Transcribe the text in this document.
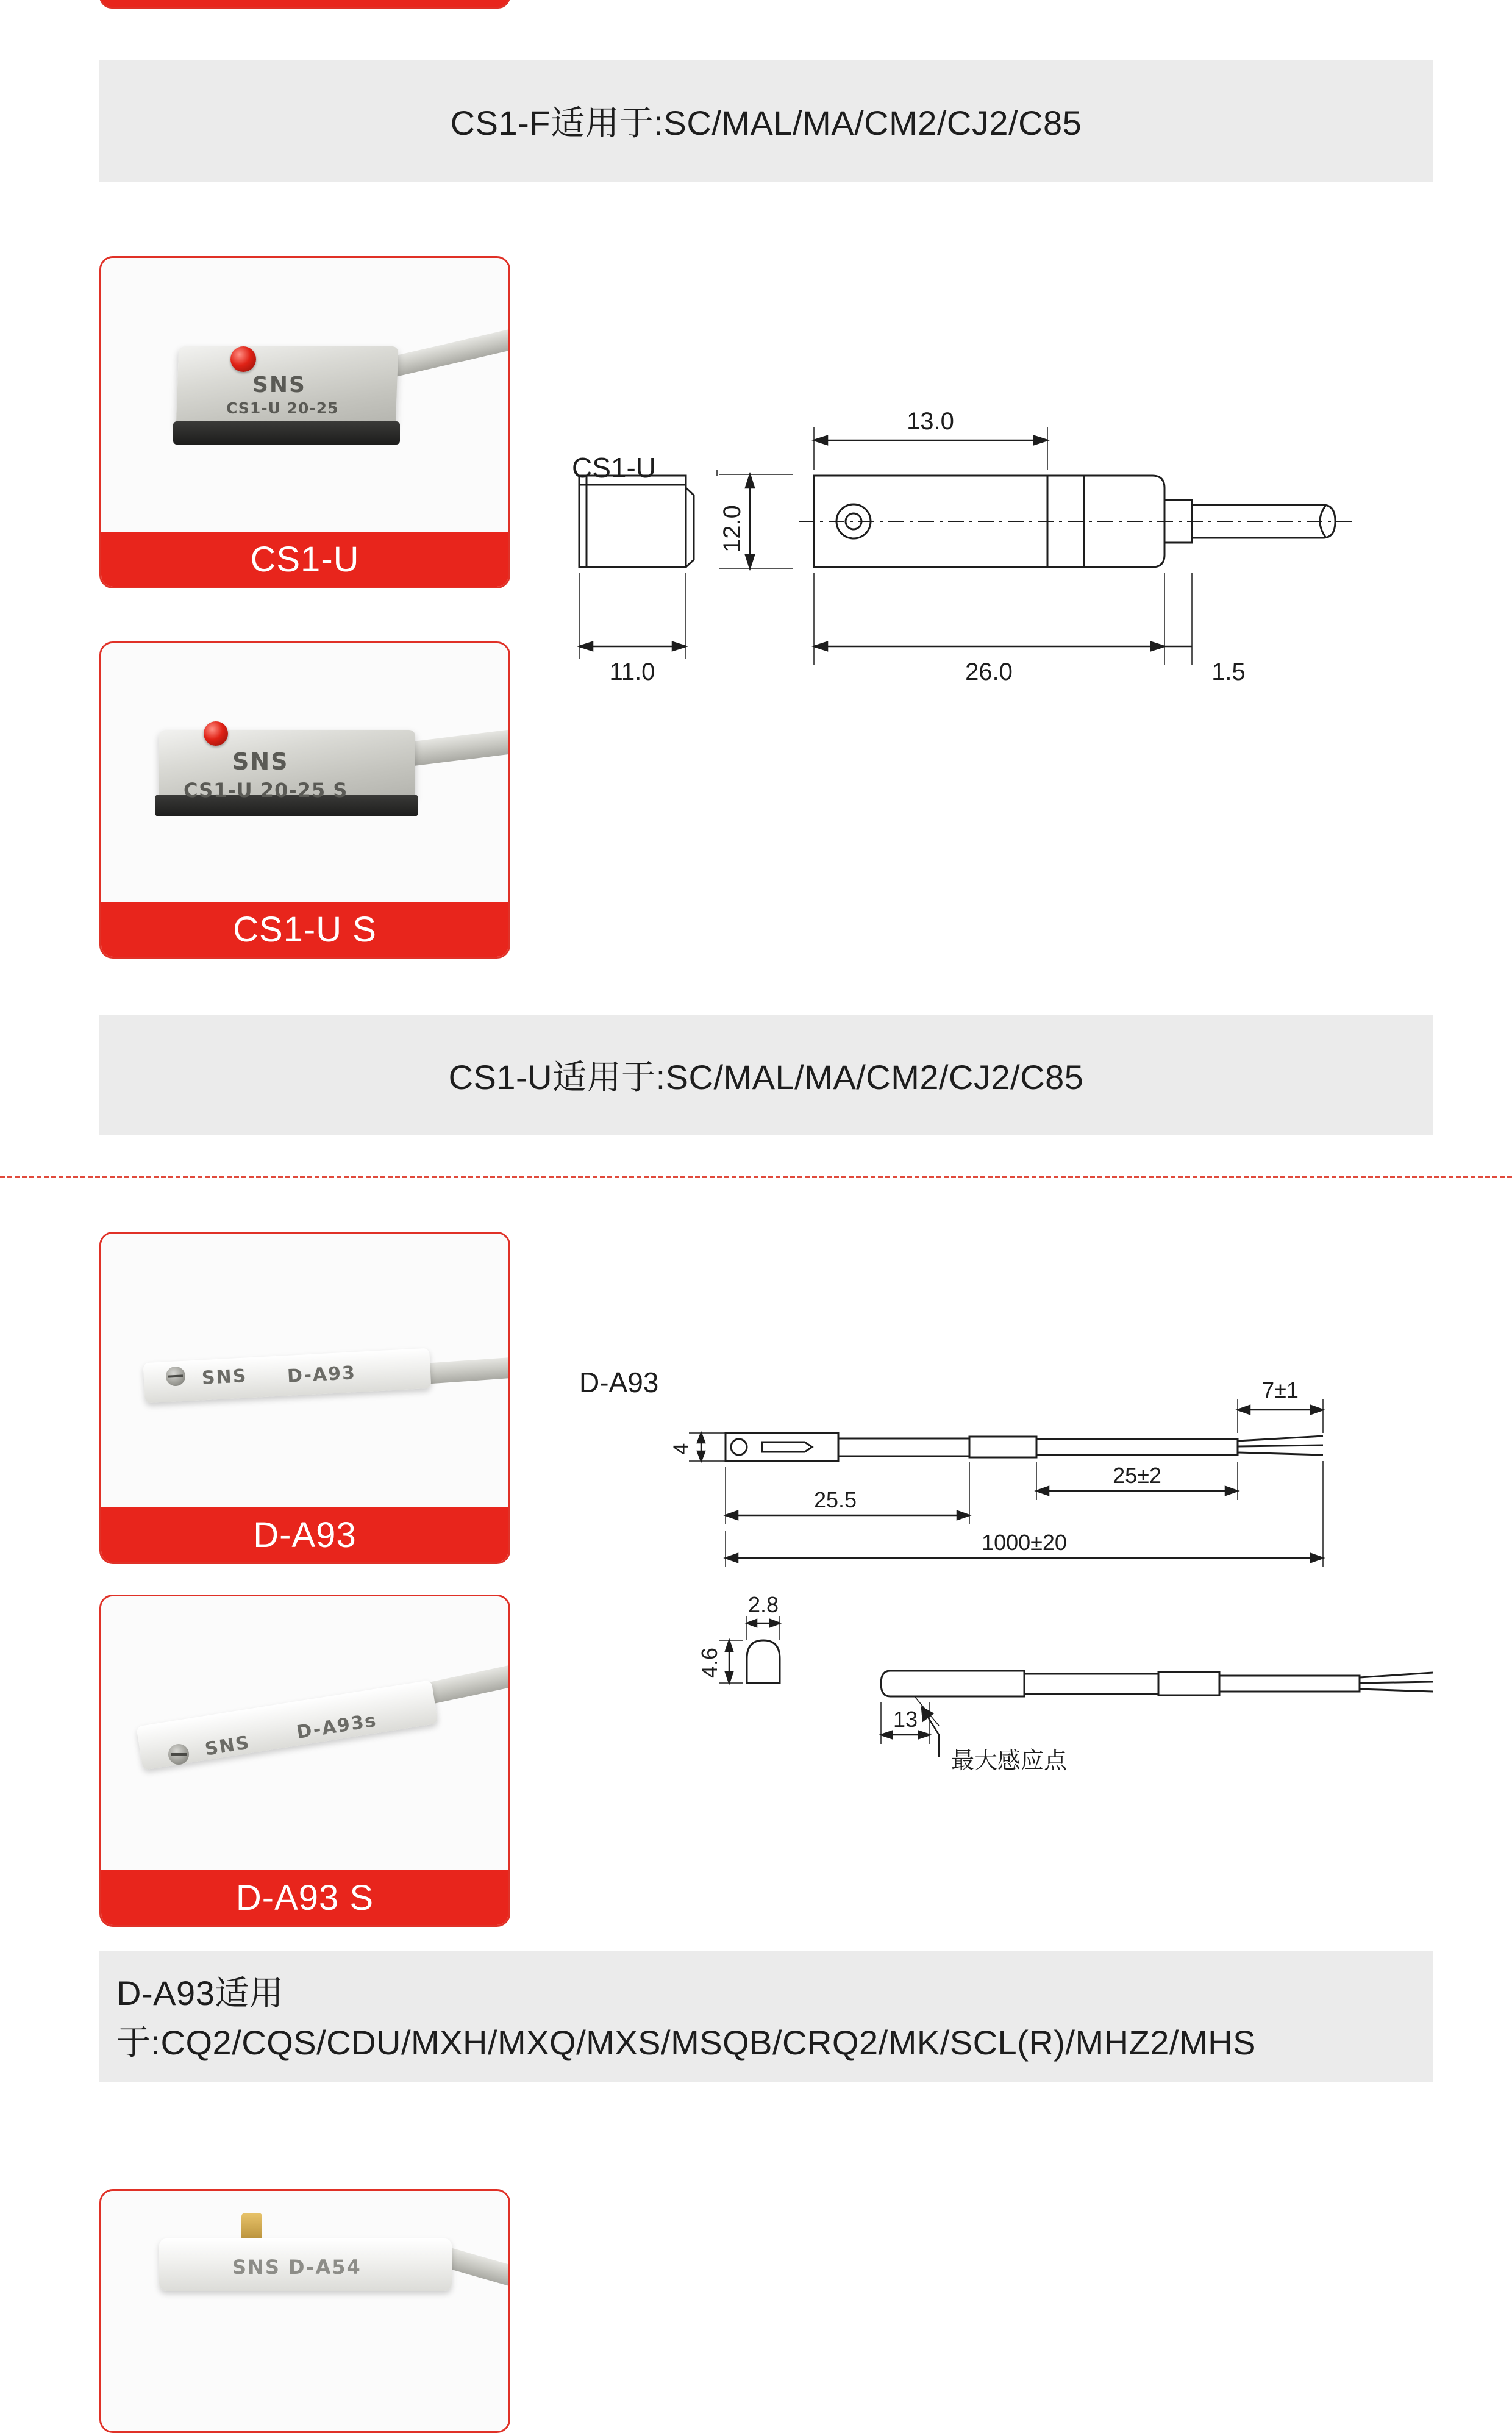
CS1-F适用于:SC/MAL/MA/CM2/CJ2/C85
SNS
CS1-U 20-25
CS1-U
SNS
CS1-U 20-25 S
CS1-U S
CS1-U
13.0
12.0
11.0	26.0	1.5
CS1-U适用于:SC/MAL/MA/CM2/CJ2/C85
SNS D-A93
D-A93
SNS
D-A93s
D-A93 S
D-A93	7±1
4
25.5
25±2
1000±20
2.8
4.6
13
最大感应点
D-A93适用于:CQ2/CQS/CDU/MXH/MXQ/MXS/MSQB/CRQ2/MK/SCL(R)/MHZ2/MHS
SNS D-A54
